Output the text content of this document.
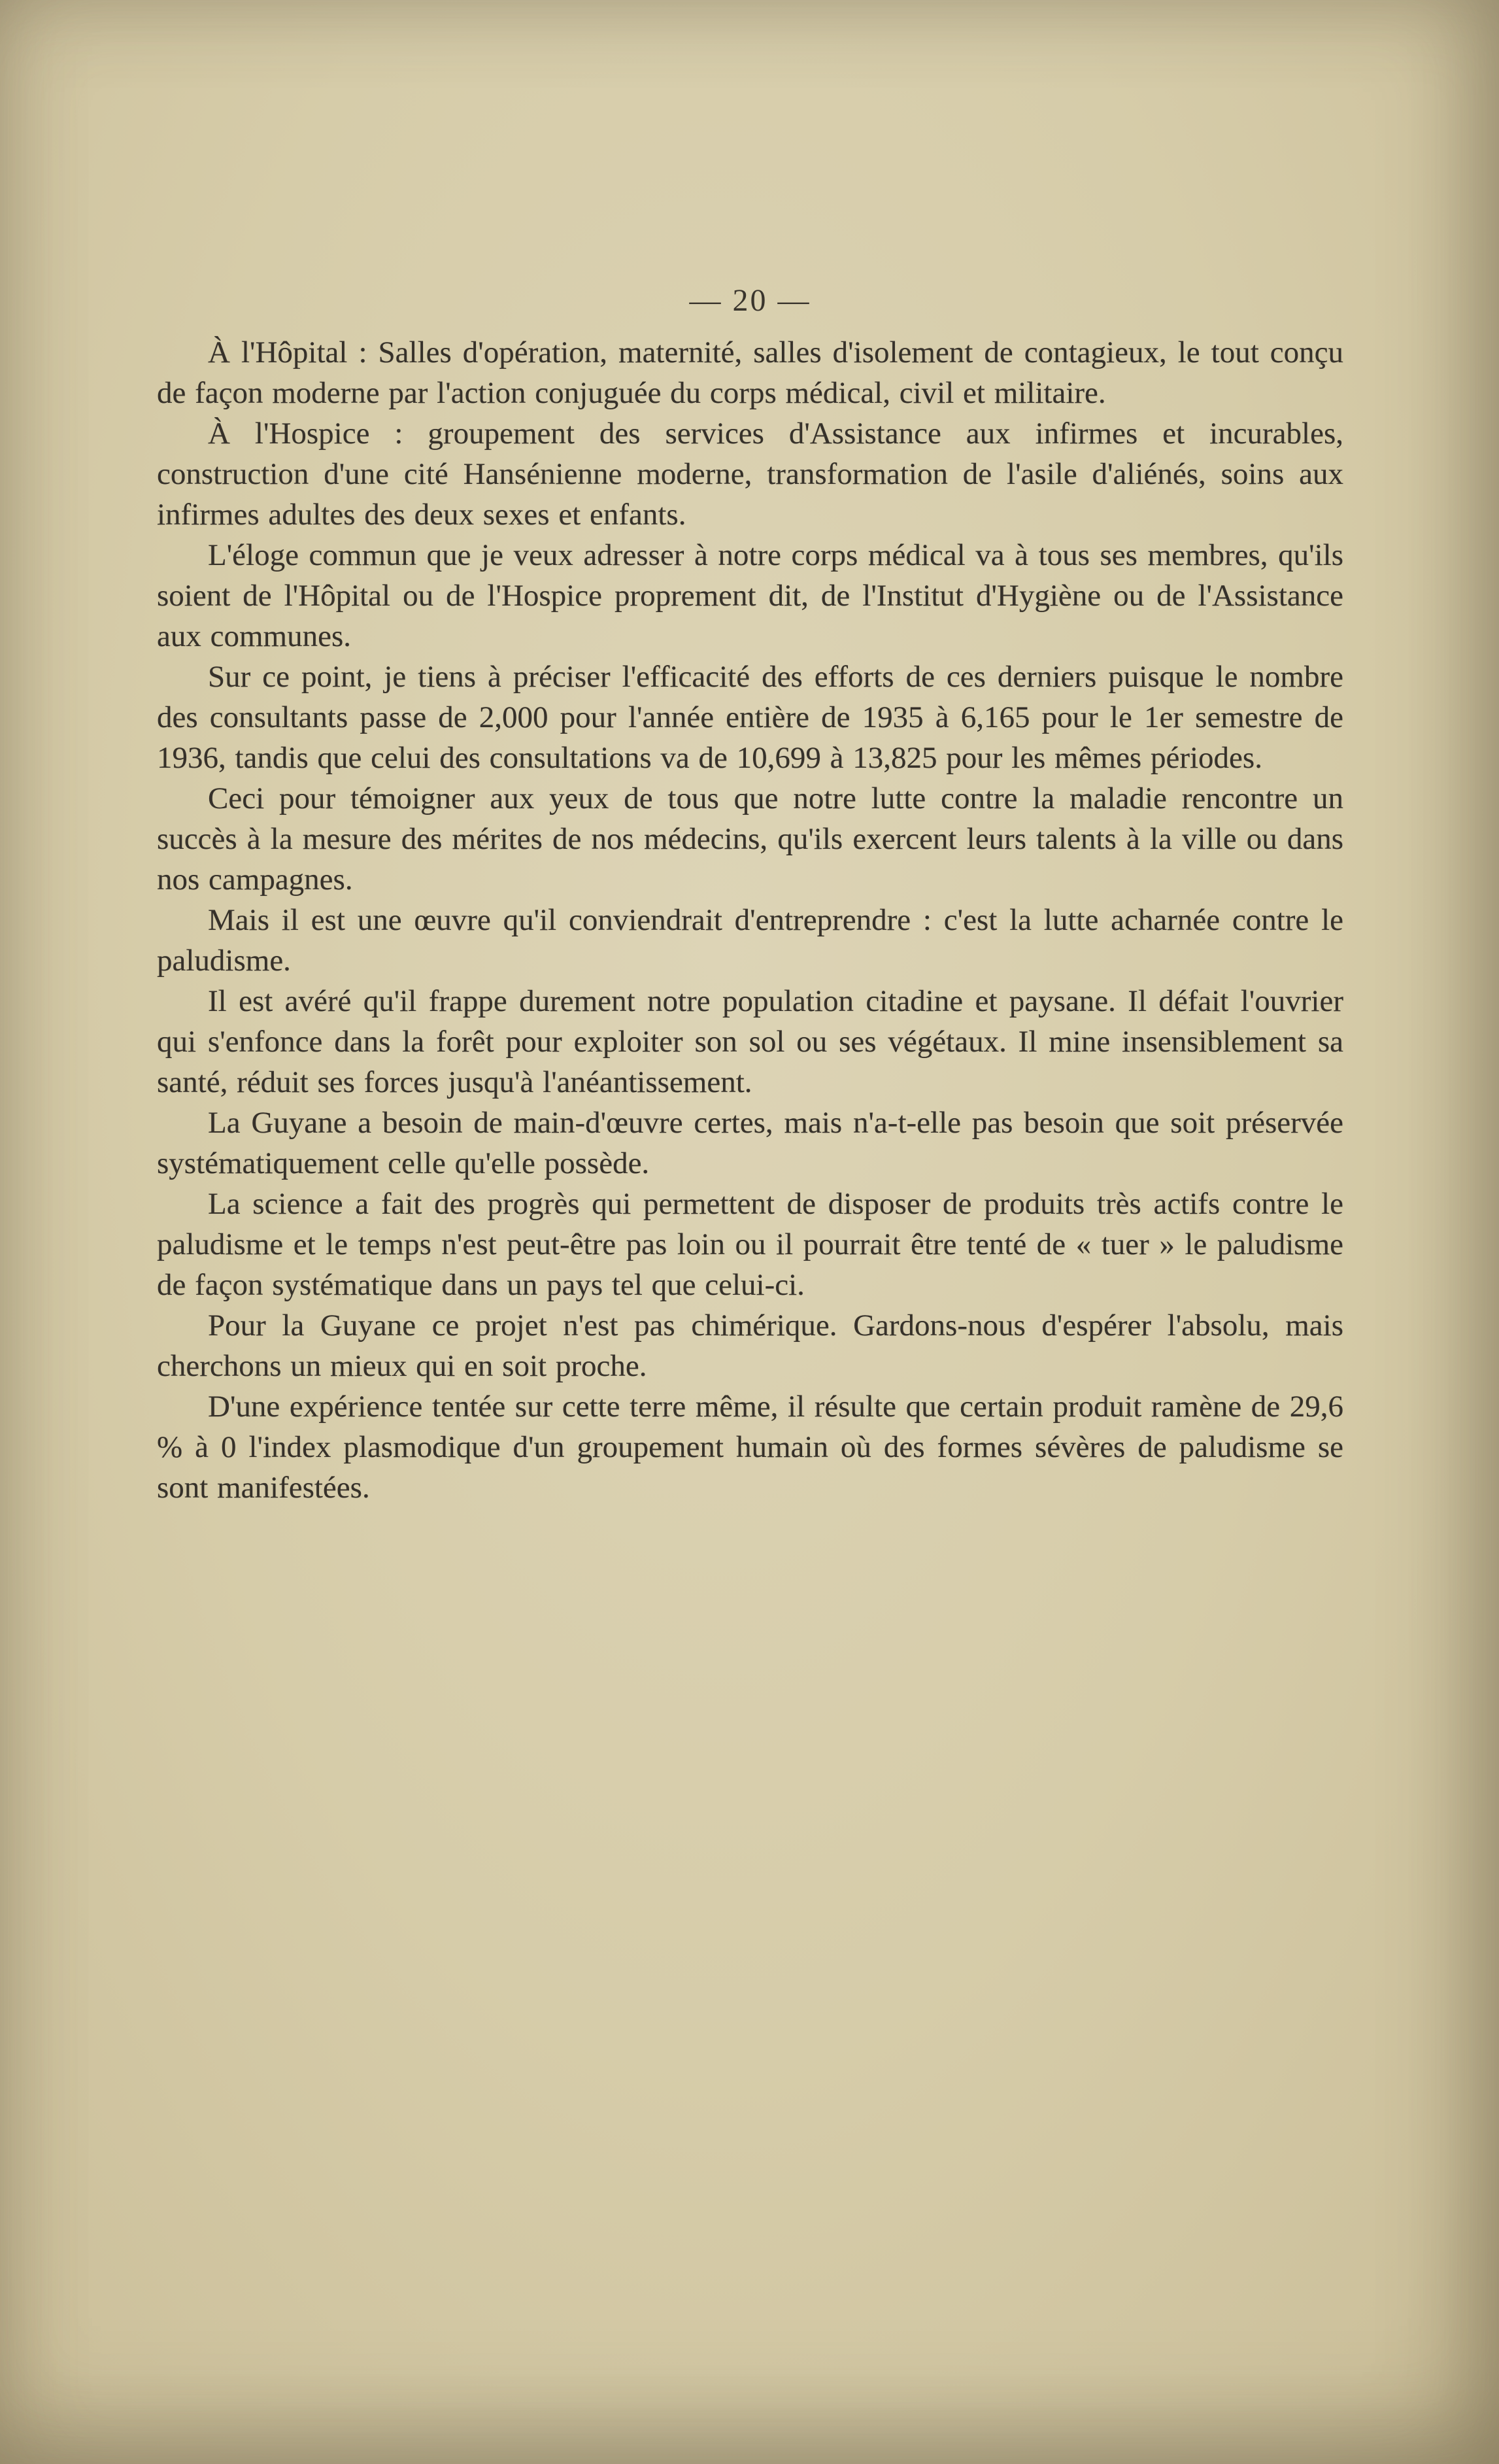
— 20 —

À l'Hôpital : Salles d'opération, maternité, salles d'isolement de contagieux, le tout conçu de façon moderne par l'action conjuguée du corps médical, civil et militaire.

À l'Hospice : groupement des services d'Assistance aux infirmes et incurables, construction d'une cité Hansénienne moderne, transformation de l'asile d'aliénés, soins aux infirmes adultes des deux sexes et enfants.

L'éloge commun que je veux adresser à notre corps médical va à tous ses membres, qu'ils soient de l'Hôpital ou de l'Hospice proprement dit, de l'Institut d'Hygiène ou de l'Assistance aux communes.

Sur ce point, je tiens à préciser l'efficacité des efforts de ces derniers puisque le nombre des consultants passe de 2,000 pour l'année entière de 1935 à 6,165 pour le 1er semestre de 1936, tandis que celui des consultations va de 10,699 à 13,825 pour les mêmes périodes.

Ceci pour témoigner aux yeux de tous que notre lutte contre la maladie rencontre un succès à la mesure des mérites de nos médecins, qu'ils exercent leurs talents à la ville ou dans nos campagnes.

Mais il est une œuvre qu'il conviendrait d'entreprendre : c'est la lutte acharnée contre le paludisme.

Il est avéré qu'il frappe durement notre population citadine et paysane. Il défait l'ouvrier qui s'enfonce dans la forêt pour exploiter son sol ou ses végétaux. Il mine insensiblement sa santé, réduit ses forces jusqu'à l'anéantissement.

La Guyane a besoin de main-d'œuvre certes, mais n'a-t-elle pas besoin que soit préservée systématiquement celle qu'elle possède.

La science a fait des progrès qui permettent de disposer de produits très actifs contre le paludisme et le temps n'est peut-être pas loin ou il pourrait être tenté de « tuer » le paludisme de façon systématique dans un pays tel que celui-ci.

Pour la Guyane ce projet n'est pas chimérique. Gardons-nous d'espérer l'absolu, mais cherchons un mieux qui en soit proche.

D'une expérience tentée sur cette terre même, il résulte que certain produit ramène de 29,6 % à 0 l'index plasmodique d'un groupement humain où des formes sévères de paludisme se sont manifestées.
